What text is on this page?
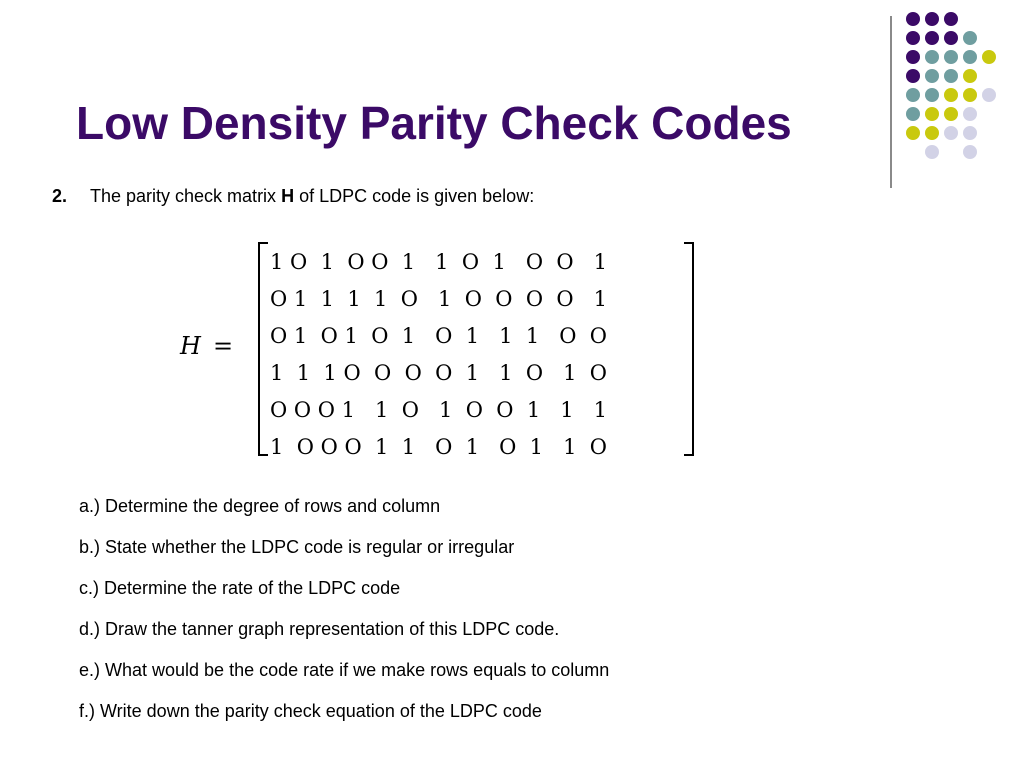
Low Density Parity Check Codes
2. The parity check matrix H of LDPC code is given below:
H =
1 O  1  O O  1   1  O  1   O  O   1
O 1  1  1  1  O   1  O  O  O  O   1
O 1  O 1  O  1   O  1   1  1   O  O
1  1  1 O  O  O  O  1   1  O   1  O
O O O 1   1  O   1  O  O  1   1   1
1  O O O  1  1   O  1   O  1   1  O
a.) Determine the degree of rows and column
b.) State whether the LDPC code is regular or irregular
c.) Determine the rate of the LDPC code
d.) Draw the tanner graph representation of this LDPC code.
e.) What would be the code rate if we make rows equals to column
f.) Write down the parity check equation of the LDPC code
